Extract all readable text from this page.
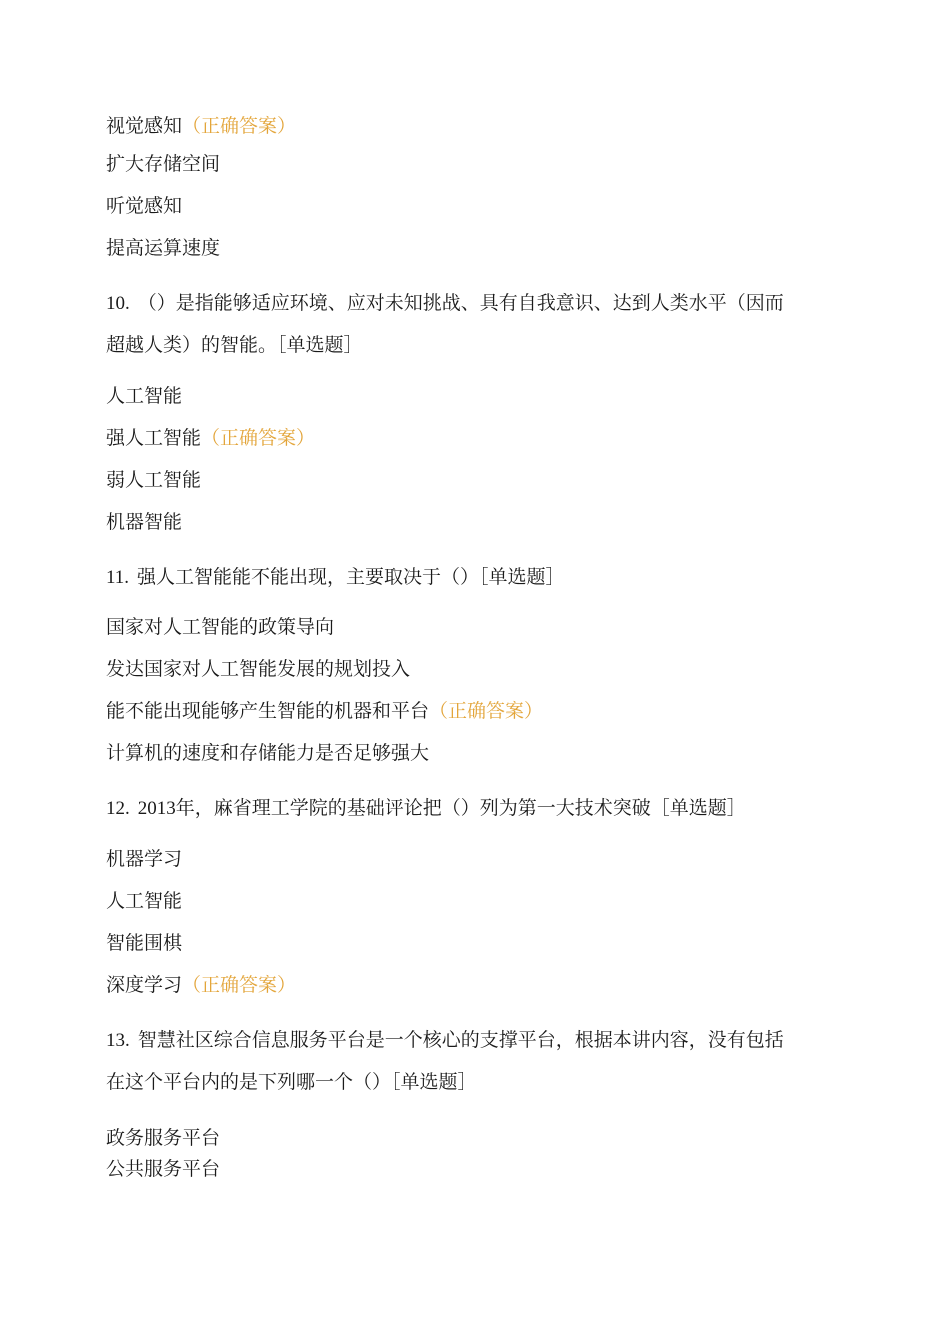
视觉感知（正确答案）
扩大存储空间
听觉感知
提高运算速度
10. （）是指能够适应环境、应对未知挑战、具有自我意识、达到人类水平（因而
超越人类）的智能。［单选题］
人工智能
强人工智能（正确答案）
弱人工智能
机器智能
11. 强人工智能能不能出现，主要取决于（）［单选题］
国家对人工智能的政策导向
发达国家对人工智能发展的规划投入
能不能出现能够产生智能的机器和平台（正确答案）
计算机的速度和存储能力是否足够强大
12. 2013年，麻省理工学院的基础评论把（）列为第一大技术突破［单选题］
机器学习
人工智能
智能围棋
深度学习（正确答案）
13. 智慧社区综合信息服务平台是一个核心的支撑平台，根据本讲内容，没有包括
在这个平台内的是下列哪一个（）［单选题］
政务服务平台
公共服务平台
